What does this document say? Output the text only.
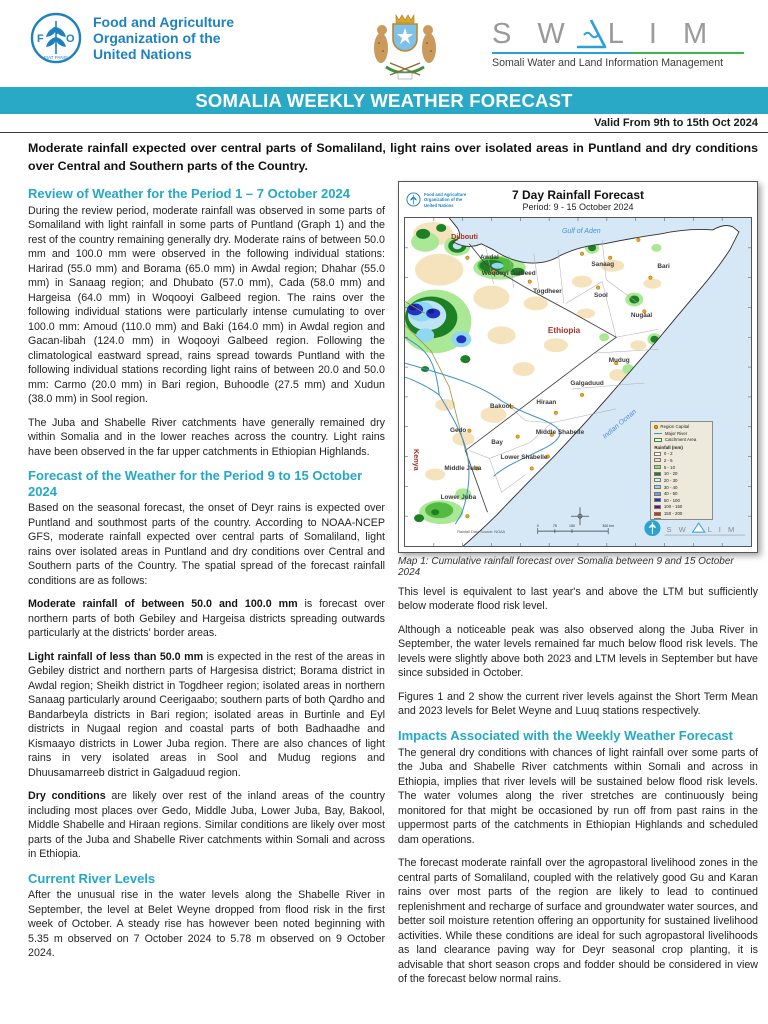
F
A
O
FIAT PANIS
Food and Agriculture
Organization of the
United Nations
S W L I M
Somali Water and Land Information Management
SOMALIA WEEKLY WEATHER FORECAST
Valid From 9th to 15th Oct 2024

Moderate rainfall expected over central parts of Somaliland, light rains over isolated areas in Puntland and dry conditions over Central and Southern parts of the Country.

Review of Weather for the Period 1 – 7 October 2024

During the review period, moderate rainfall was observed in some parts of Somaliland with light rainfall in some parts of Puntland (Graph 1) and the rest of the country remaining generally dry. Moderate rains of between 50.0 mm and 100.0 mm were observed in the following individual stations: Harirad (55.0 mm) and Borama (65.0 mm) in Awdal region; Dhahar (55.0 mm) in Sanaag region; and Dhubato (57.0 mm), Cada (58.0 mm) and Hargeisa (64.0 mm) in Woqooyi Galbeed region. The rains over the following individual stations were particularly intense cumulating to over 100.0 mm: Amoud (110.0 mm) and Baki (164.0 mm) in Awdal region and Gacan-libah (124.0 mm) in Woqooyi Galbeed region. Following the climatological eastward spread, rains spread towards Puntland with the following individual stations recording light rains of between 20.0 and 50.0 mm: Carmo (20.0 mm) in Bari region, Buhoodle (27.5 mm) and Xudun (38.0 mm) in Sool region.

The Juba and Shabelle River catchments have generally remained dry within Somalia and in the lower reaches across the country. Light rains have been observed in the far upper catchments in Ethiopian Highlands.

Forecast of the Weather for the Period 9 to 15 October 2024

Based on the seasonal forecast, the onset of Deyr rains is expected over Puntland and southmost parts of the country. According to NOAA-NCEP GFS, moderate rainfall expected over central parts of Somaliland, light rains over isolated areas in Puntland and dry conditions over Central and Southern parts of the Country. The spatial spread of the forecast rainfall conditions are as follows:

Moderate rainfall of between 50.0 and 100.0 mm is forecast over northern parts of both Gebiley and Hargeisa districts spreading outwards particularly at the districts' border areas.

Light rainfall of less than 50.0 mm is expected in the rest of the areas in Gebiley district and northern parts of Hargesisa district; Borama district in Awdal region; Sheikh district in Togdheer region; isolated areas in northern Sanaag particularly around Ceerigaabo; southern parts of both Qardho and Bandarbeyla districts in Bari region; isolated areas in Burtinle and Eyl districts in Nugaal region and coastal parts of both Badhaadhe and Kismaayo districts in Lower Juba region. There are also chances of light rains in very isolated areas in Sool and Mudug regions and Dhuusamarreeb district in Galgaduud region.

Dry conditions are likely over rest of the inland areas of the country including most places over Gedo, Middle Juba, Lower Juba, Bay, Bakool, Middle Shabelle and Hiraan regions. Similar conditions are likely over most parts of the Juba and Shabelle River catchments within Somali and across in Ethiopia.

Current River Levels

After the unusual rise in the water levels along the Shabelle River in September, the level at Belet Weyne dropped from flood risk in the first week of October. A steady rise has however been noted beginning with 5.35 m observed on 7 October 2024 to 5.78 m observed on 9 October 2024.

Food and Agriculture
Organization of the
United Nations
7 Day Rainfall Forecast
Period: 9 - 15 October 2024
0	75	150	300 km
Rainfall Data Source: NOAA	S W	L I M
Gulf of Aden
Indian Ocean
Djibouti
Ethiopia
Kenya
Awdal
Woqooyi Galbeed
Togdheer
Sanaag
Sool
Bari
Nugaal
Mudug
Galgaduud
Hiraan
Bakool
Gedo
Bay
Middle Shabelle
Lower Shabelle
Middle Juba
Lower Juba
Region Capital
Major River
Catchment Area
Rainfall (mm)
0 - 2
2 - 5
5 - 10
10 - 20
20 - 30
30 - 40
40 - 50
50 - 100
100 - 150
150 - 200
200 - 250

Map 1: Cumulative rainfall forecast over Somalia between 9 and 15 October 2024

This level is equivalent to last year's and above the LTM but sufficiently below moderate flood risk level.

Although a noticeable peak was also observed along the Juba River in September, the water levels remained far much below flood risk levels. The levels were slightly above both 2023 and LTM levels in September but have since subsided in October.

Figures 1 and 2 show the current river levels against the Short Term Mean and 2023 levels for Belet Weyne and Luuq stations respectively.

Impacts Associated with the Weekly Weather Forecast

The general dry conditions with chances of light rainfall over some parts of the Juba and Shabelle River catchments within Somali and across in Ethiopia, implies that river levels will be sustained below flood risk levels. The water volumes along the river stretches are continuously being monitored for that might be occasioned by run off from past rains in the uppermost parts of the catchments in Ethiopian Highlands and scheduled dam operations.

The forecast moderate rainfall over the agropastoral livelihood zones in the central parts of Somaliland, coupled with the relatively good Gu and Karan rains over most parts of the region are likely to lead to continued replenishment and recharge of surface and groundwater water sources, and better soil moisture retention offering an opportunity for sustained livelihood activities. While these conditions are ideal for such agropastoral livelihoods as land clearance paving way for Deyr seasonal crop planting, it is advisable that short season crops and fodder should be considered in view of the forecast below normal rains.
